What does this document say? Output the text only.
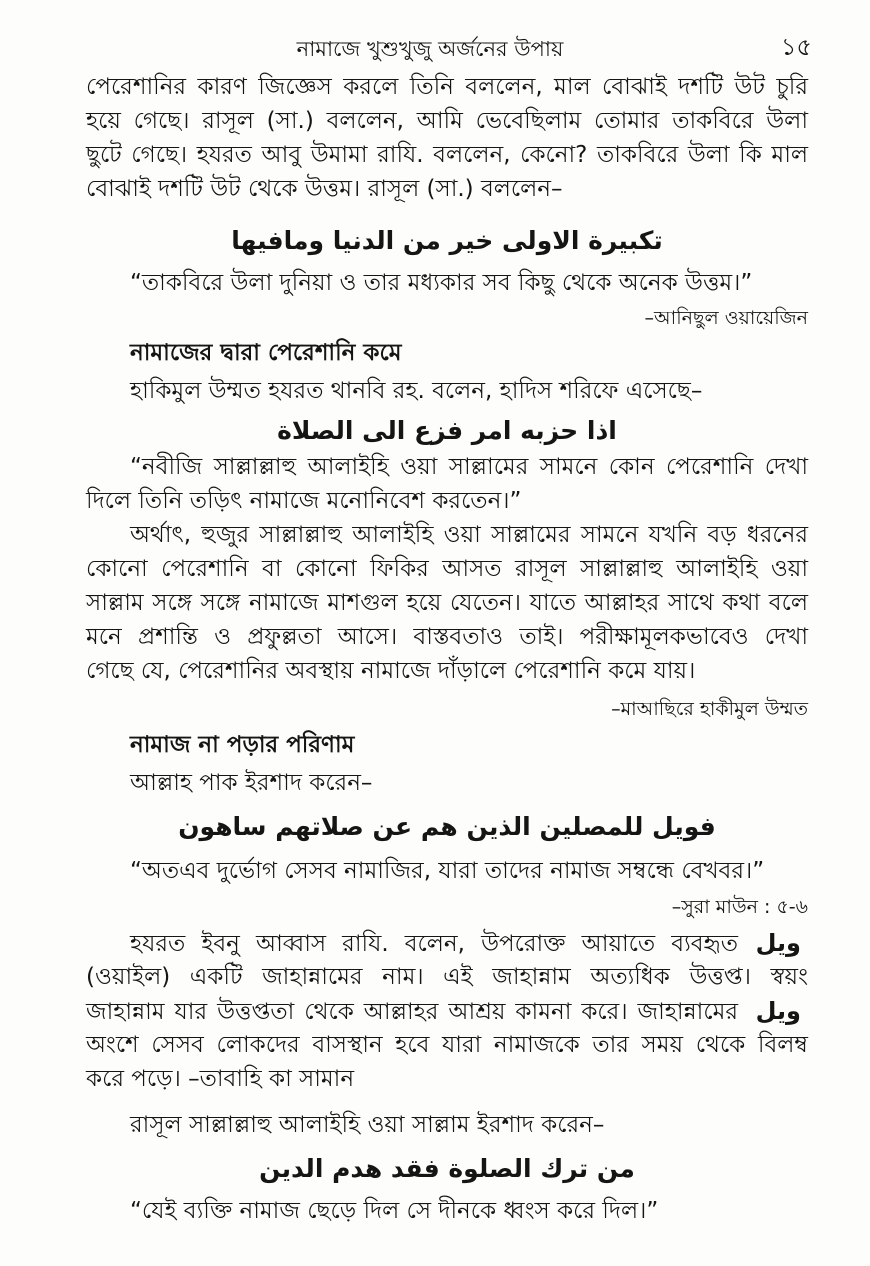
নামাজে খুশুখুজু অর্জনের উপায়	১৫
পেরেশানির কারণ জিজ্ঞেস করলে তিনি বললেন, মাল বোঝাই দশটি উট চুরি
হয়ে গেছে। রাসূল (সা.) বললেন, আমি ভেবেছিলাম তোমার তাকবিরে উলা
ছুটে গেছে। হযরত আবু উমামা রাযি. বললেন, কেনো? তাকবিরে উলা কি মাল
বোঝাই দশটি উট থেকে উত্তম। রাসূল (সা.) বললেন–
تكبيرة الاولى خير من الدنيا ومافيها
“তাকবিরে উলা দুনিয়া ও তার মধ্যকার সব কিছু থেকে অনেক উত্তম।”
–আনিছুল ওয়ায়েজিন
নামাজের দ্বারা পেরেশানি কমে
হাকিমুল উম্মত হযরত থানবি রহ. বলেন, হাদিস শরিফে এসেছে–
اذا حزبه امر فزع الى الصلاة
“নবীজি সাল্লাল্লাহু আলাইহি ওয়া সাল্লামের সামনে কোন পেরেশানি দেখা
দিলে তিনি তড়িৎ নামাজে মনোনিবেশ করতেন।”
অর্থাৎ, হুজুর সাল্লাল্লাহু আলাইহি ওয়া সাল্লামের সামনে যখনি বড় ধরনের
কোনো পেরেশানি বা কোনো ফিকির আসত রাসূল সাল্লাল্লাহু আলাইহি ওয়া
সাল্লাম সঙ্গে সঙ্গে নামাজে মাশগুল হয়ে যেতেন। যাতে আল্লাহর সাথে কথা বলে
মনে প্রশান্তি ও প্রফুল্লতা আসে। বাস্তবতাও তাই। পরীক্ষামূলকভাবেও দেখা
গেছে যে, পেরেশানির অবস্থায় নামাজে দাঁড়ালে পেরেশানি কমে যায়।
–মাআছিরে হাকীমুল উম্মত
নামাজ না পড়ার পরিণাম
আল্লাহ পাক ইরশাদ করেন–
فويل للمصلين الذين هم عن صلاتهم ساهون
“অতএব দুর্ভোগ সেসব নামাজির, যারা তাদের নামাজ সম্বন্ধে বেখবর।”
–সুরা মাউন : ৫-৬
হযরত ইবনু আব্বাস রাযি. বলেন, উপরোক্ত আয়াতে ব্যবহৃত ويل
(ওয়াইল) একটি জাহান্নামের নাম। এই জাহান্নাম অত্যধিক উত্তপ্ত। স্বয়ং
জাহান্নাম যার উত্তপ্ততা থেকে আল্লাহর আশ্রয় কামনা করে। জাহান্নামের ويل
অংশে সেসব লোকদের বাসস্থান হবে যারা নামাজকে তার সময় থেকে বিলম্ব
করে পড়ে। –তাবাহি কা সামান
রাসূল সাল্লাল্লাহু আলাইহি ওয়া সাল্লাম ইরশাদ করেন–
من ترك الصلوة فقد هدم الدين
“যেই ব্যক্তি নামাজ ছেড়ে দিল সে দীনকে ধ্বংস করে দিল।”
